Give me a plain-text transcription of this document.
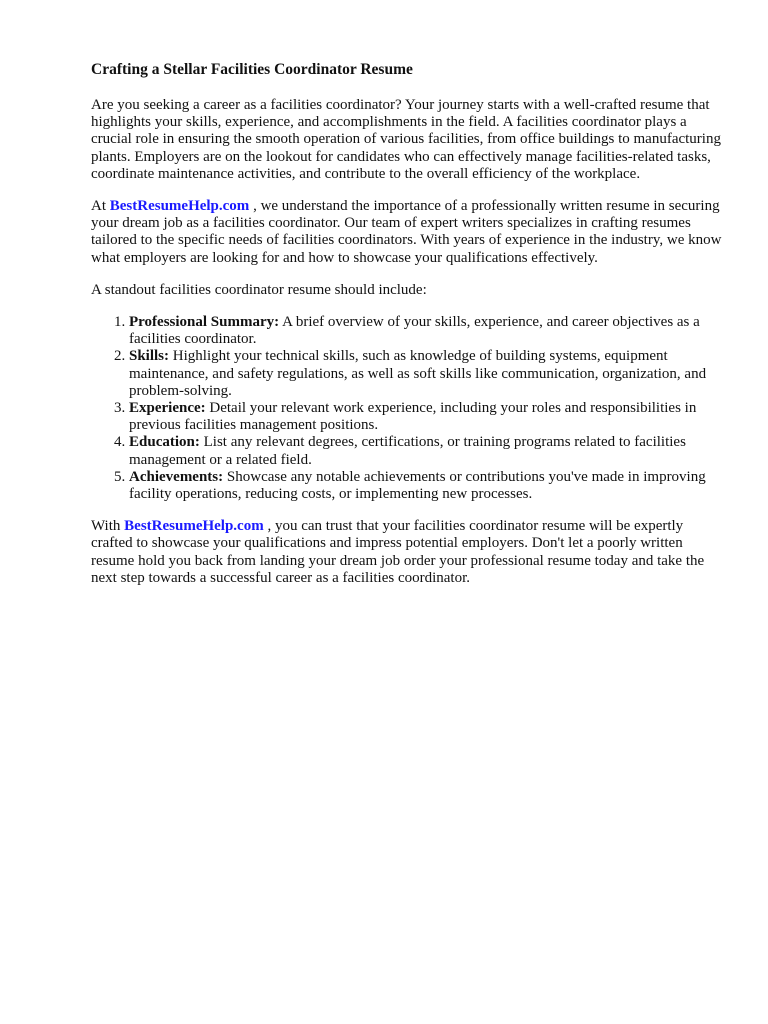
Crafting a Stellar Facilities Coordinator Resume

Are you seeking a career as a facilities coordinator? Your journey starts with a well-crafted resume that highlights your skills, experience, and accomplishments in the field. A facilities coordinator plays a crucial role in ensuring the smooth operation of various facilities, from office buildings to manufacturing plants. Employers are on the lookout for candidates who can effectively manage facilities-related tasks, coordinate maintenance activities, and contribute to the overall efficiency of the workplace.

At BestResumeHelp.com , we understand the importance of a professionally written resume in securing your dream job as a facilities coordinator. Our team of expert writers specializes in crafting resumes tailored to the specific needs of facilities coordinators. With years of experience in the industry, we know what employers are looking for and how to showcase your qualifications effectively.

A standout facilities coordinator resume should include:

1. Professional Summary: A brief overview of your skills, experience, and career objectives as a facilities coordinator.
2. Skills: Highlight your technical skills, such as knowledge of building systems, equipment maintenance, and safety regulations, as well as soft skills like communication, organization, and problem-solving.
3. Experience: Detail your relevant work experience, including your roles and responsibilities in previous facilities management positions.
4. Education: List any relevant degrees, certifications, or training programs related to facilities management or a related field.
5. Achievements: Showcase any notable achievements or contributions you've made in improving facility operations, reducing costs, or implementing new processes.

With BestResumeHelp.com , you can trust that your facilities coordinator resume will be expertly crafted to showcase your qualifications and impress potential employers. Don't let a poorly written resume hold you back from landing your dream job order your professional resume today and take the next step towards a successful career as a facilities coordinator.
